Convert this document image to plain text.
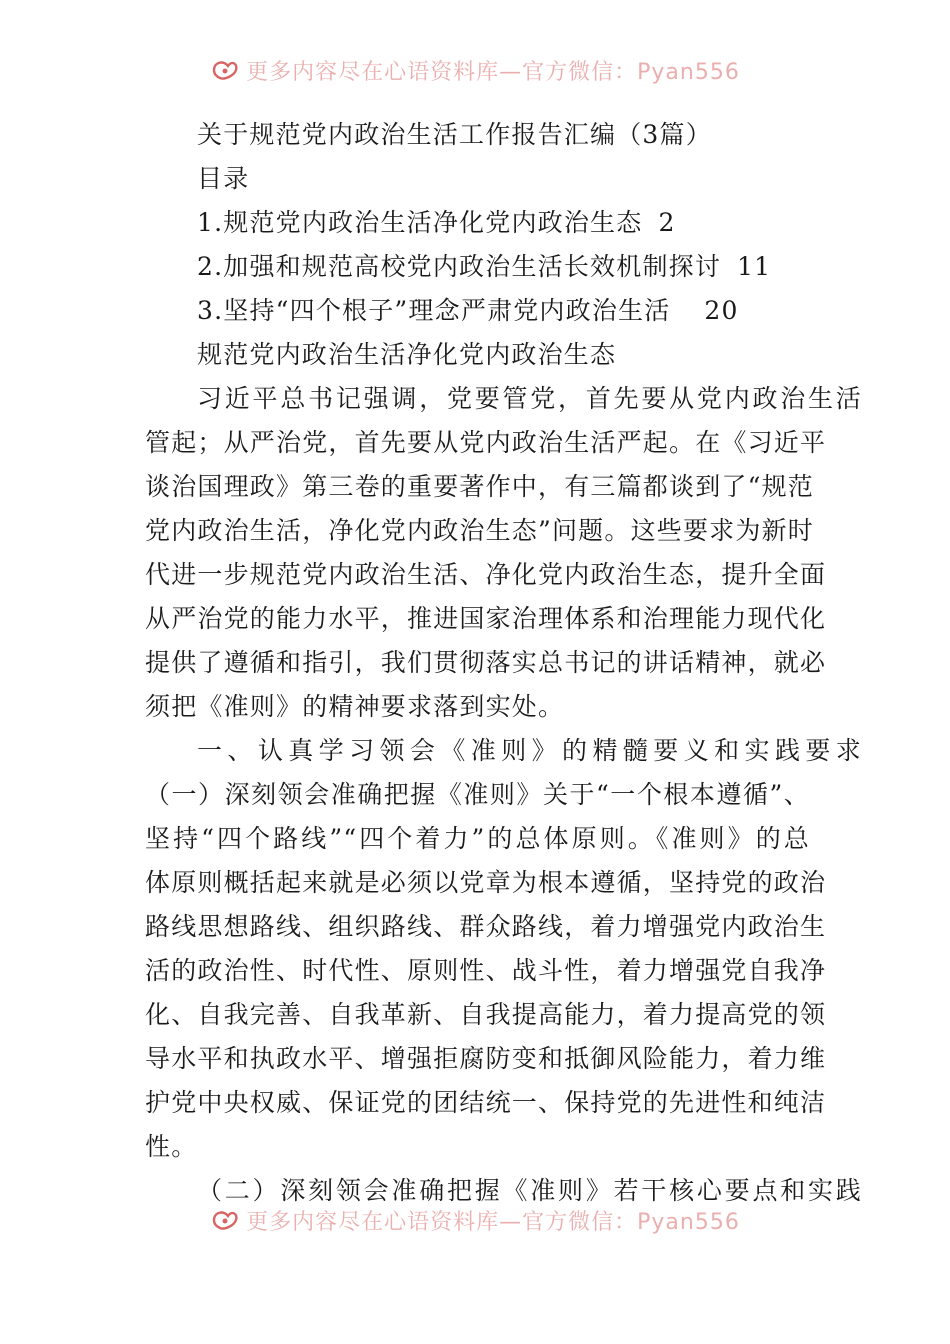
更多内容尽在心语资料库—官方微信：Pyan556
关于规范党内政治生活工作报告汇编（3篇）
目录
1.规范党内政治生活净化党内政治生态 2
2.加强和规范高校党内政治生活长效机制探讨 11
3.坚持“四个根子”理念严肃党内政治生活 20
规范党内政治生活净化党内政治生态
习近平总书记强调，党要管党，首先要从党内政治生活
管起；从严治党，首先要从党内政治生活严起。在《习近平
谈治国理政》第三卷的重要著作中，有三篇都谈到了“规范
党内政治生活，净化党内政治生态”问题。这些要求为新时
代进一步规范党内政治生活、净化党内政治生态，提升全面
从严治党的能力水平，推进国家治理体系和治理能力现代化
提供了遵循和指引，我们贯彻落实总书记的讲话精神，就必
须把《准则》的精神要求落到实处。
一、认真学习领会《准则》的精髓要义和实践要求
（一）深刻领会准确把握《准则》关于“一个根本遵循”、
坚持“四个路线”“四个着力”的总体原则。《准则》的总
体原则概括起来就是必须以党章为根本遵循，坚持党的政治
路线思想路线、组织路线、群众路线，着力增强党内政治生
活的政治性、时代性、原则性、战斗性，着力增强党自我净
化、自我完善、自我革新、自我提高能力，着力提高党的领
导水平和执政水平、增强拒腐防变和抵御风险能力，着力维
护党中央权威、保证党的团结统一、保持党的先进性和纯洁
性。
（二）深刻领会准确把握《准则》若干核心要点和实践
更多内容尽在心语资料库—官方微信：Pyan556
